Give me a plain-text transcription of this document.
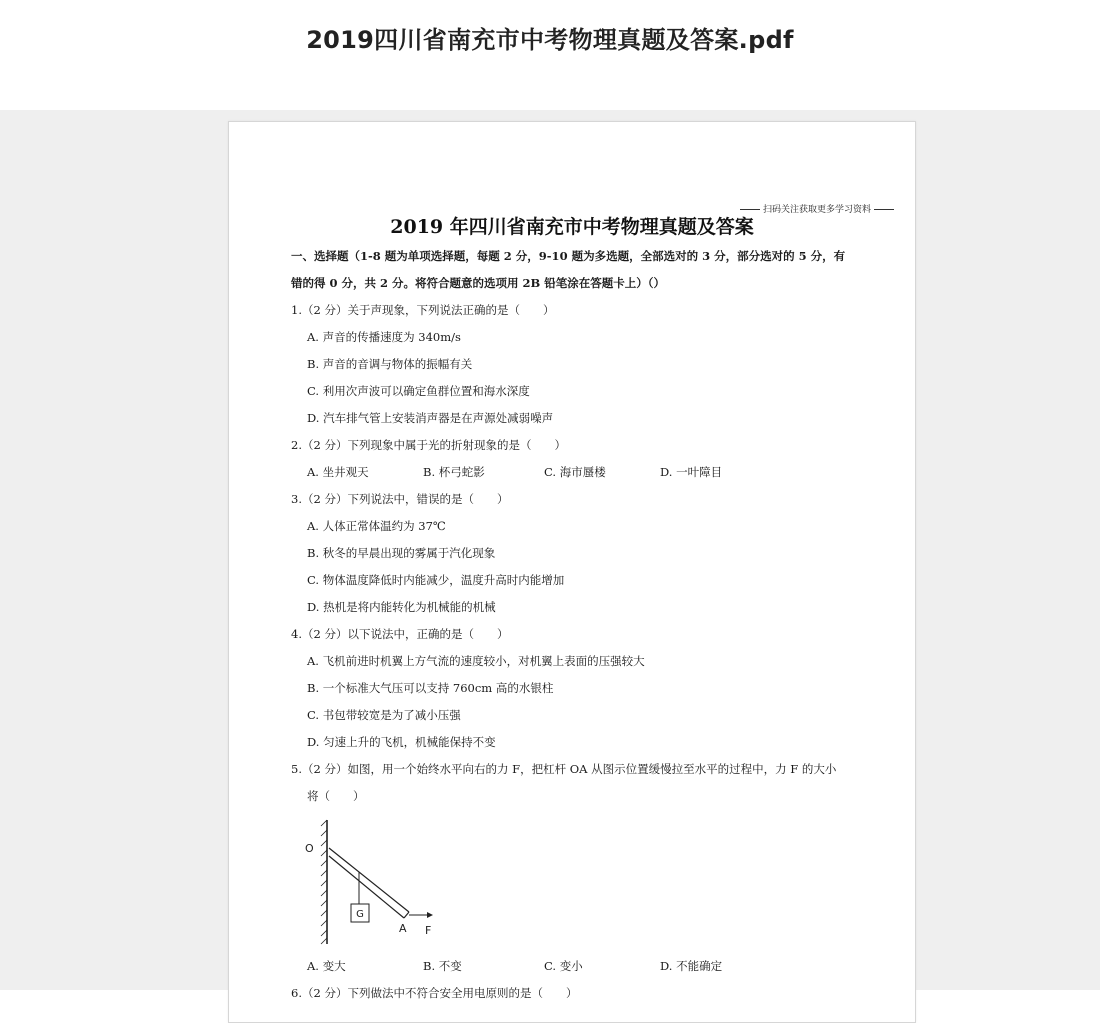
2019四川省南充市中考物理真题及答案.pdf
扫码关注获取更多学习资料
2019 年四川省南充市中考物理真题及答案
一、选择题（1-8 题为单项选择题，每题 2 分，9-10 题为多选题，全部选对的 3 分，部分选对的 5 分，有
错的得 0 分，共 2 分。将符合题意的选项用 2B 铅笔涂在答题卡上）（）
1.（2 分）关于声现象，下列说法正确的是（　　）
A. 声音的传播速度为 340m/s
B. 声音的音调与物体的振幅有关
C. 利用次声波可以确定鱼群位置和海水深度
D. 汽车排气管上安装消声器是在声源处减弱噪声
2.（2 分）下列现象中属于光的折射现象的是（　　）
A. 坐井观天	B. 杯弓蛇影	C. 海市蜃楼	D. 一叶障目
3.（2 分）下列说法中，错误的是（　　）
A. 人体正常体温约为 37℃
B. 秋冬的早晨出现的雾属于汽化现象
C. 物体温度降低时内能减少，温度升高时内能增加
D. 热机是将内能转化为机械能的机械
4.（2 分）以下说法中，正确的是（　　）
A. 飞机前进时机翼上方气流的速度较小，对机翼上表面的压强较大
B. 一个标准大气压可以支持 760cm 高的水银柱
C. 书包带较宽是为了减小压强
D. 匀速上升的飞机，机械能保持不变
5.（2 分）如图，用一个始终水平向右的力 F，把杠杆 OA 从图示位置缓慢拉至水平的过程中，力 F 的大小
将（　　）
G
O
A F
A. 变大	B. 不变	C. 变小	D. 不能确定
6.（2 分）下列做法中不符合安全用电原则的是（　　）
